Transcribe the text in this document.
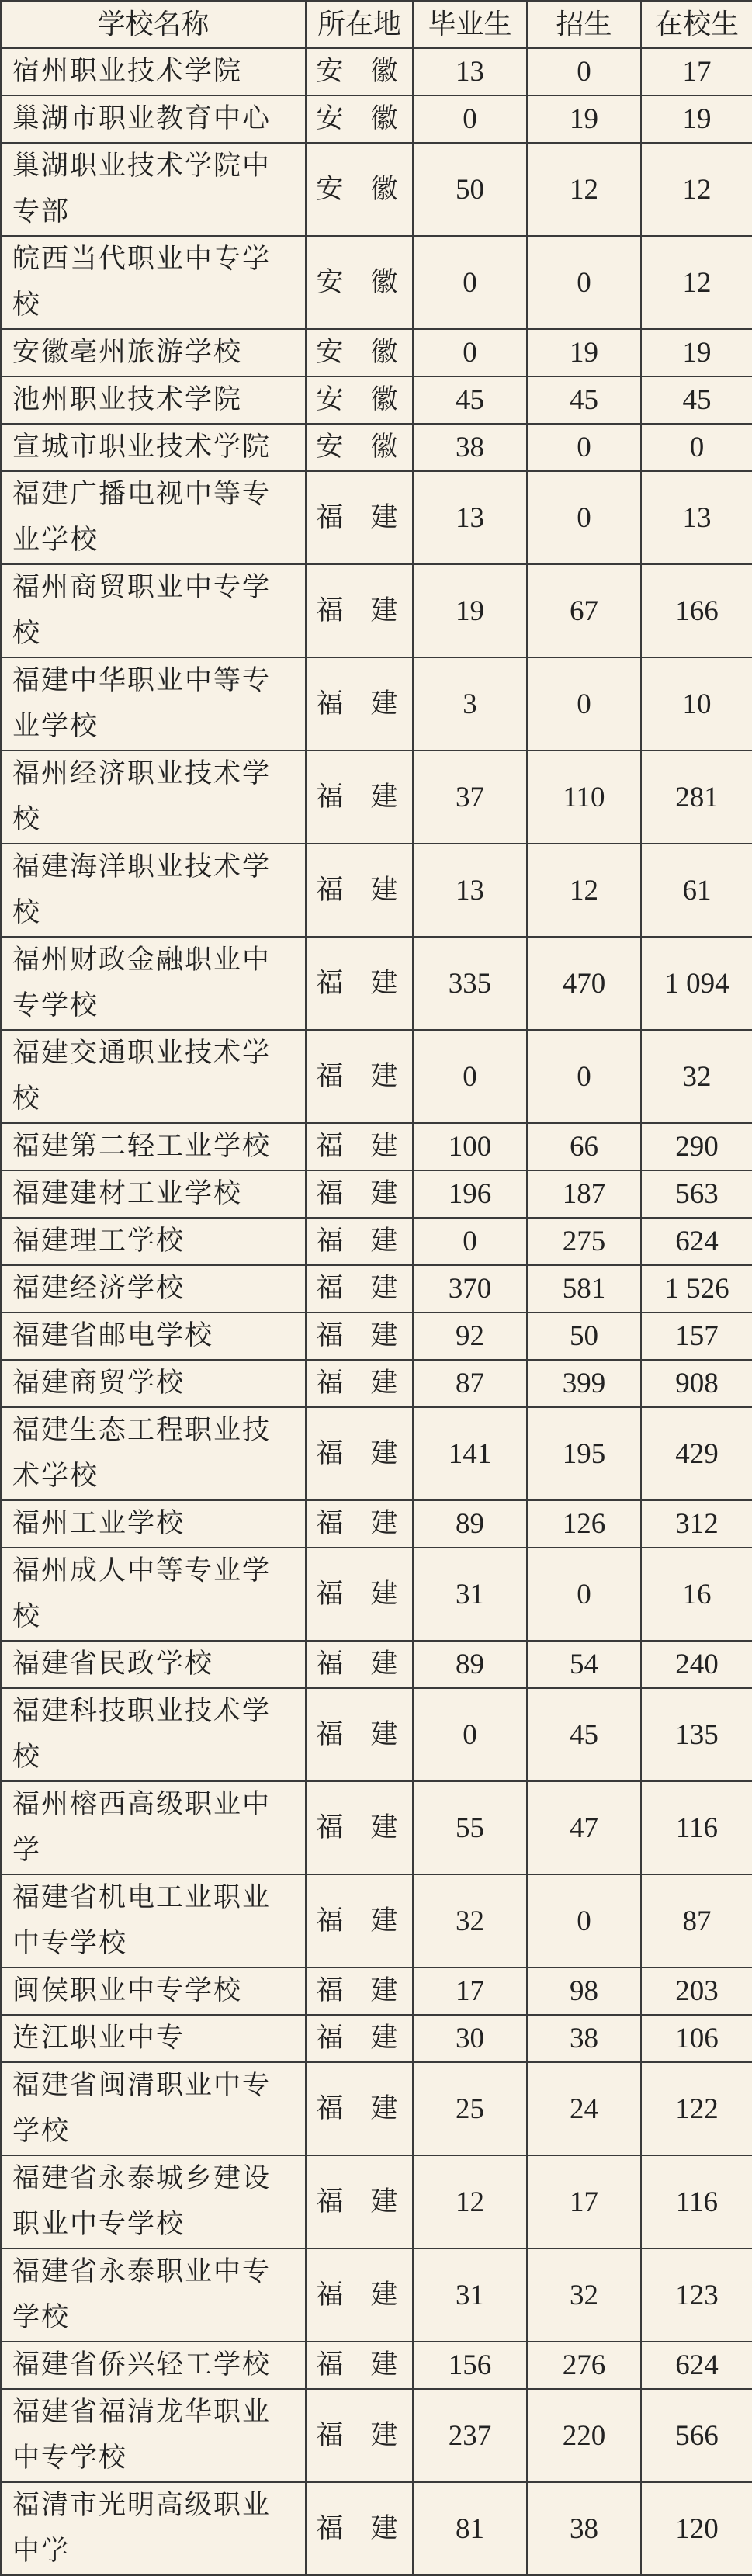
学校名称	所在地	毕业生	招生	在校生
宿州职业技术学院	安 徽	13	0	17
巢湖市职业教育中心	安 徽	0	19	19
巢湖职业技术学院中专部	安 徽	50	12	12
皖西当代职业中专学校	安 徽	0	0	12
安徽亳州旅游学校	安 徽	0	19	19
池州职业技术学院	安 徽	45	45	45
宣城市职业技术学院	安 徽	38	0	0
福建广播电视中等专业学校	福 建	13	0	13
福州商贸职业中专学校	福 建	19	67	166
福建中华职业中等专业学校	福 建	3	0	10
福州经济职业技术学校	福 建	37	110	281
福建海洋职业技术学校	福 建	13	12	61
福州财政金融职业中专学校	福 建	335	470	1 094
福建交通职业技术学校	福 建	0	0	32
福建第二轻工业学校	福 建	100	66	290
福建建材工业学校	福 建	196	187	563
福建理工学校	福 建	0	275	624
福建经济学校	福 建	370	581	1 526
福建省邮电学校	福 建	92	50	157
福建商贸学校	福 建	87	399	908
福建生态工程职业技术学校	福 建	141	195	429
福州工业学校	福 建	89	126	312
福州成人中等专业学校	福 建	31	0	16
福建省民政学校	福 建	89	54	240
福建科技职业技术学校	福 建	0	45	135
福州榕西高级职业中学	福 建	55	47	116
福建省机电工业职业中专学校	福 建	32	0	87
闽侯职业中专学校	福 建	17	98	203
连江职业中专	福 建	30	38	106
福建省闽清职业中专学校	福 建	25	24	122
福建省永泰城乡建设职业中专学校	福 建	12	17	116
福建省永泰职业中专学校	福 建	31	32	123
福建省侨兴轻工学校	福 建	156	276	624
福建省福清龙华职业中专学校	福 建	237	220	566
福清市光明高级职业中学	福 建	81	38	120
